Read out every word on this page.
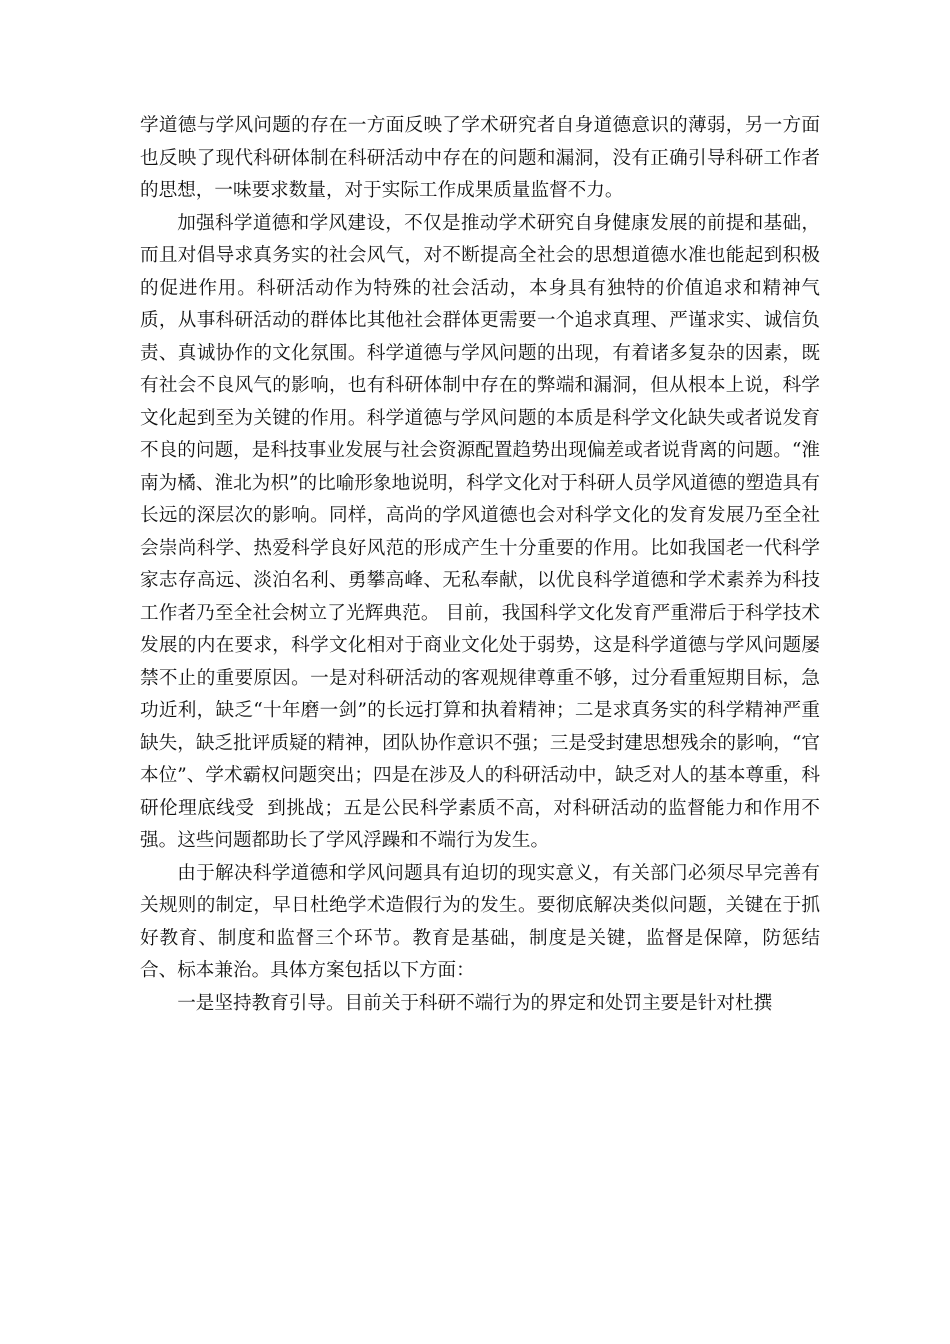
学道德与学风问题的存在一方面反映了学术研究者自身道德意识的薄弱，另一方面也反映了现代科研体制在科研活动中存在的问题和漏洞，没有正确引导科研工作者的思想，一味要求数量，对于实际工作成果质量监督不力。

加强科学道德和学风建设，不仅是推动学术研究自身健康发展的前提和基础，而且对倡导求真务实的社会风气，对不断提高全社会的思想道德水准也能起到积极的促进作用。科研活动作为特殊的社会活动，本身具有独特的价值追求和精神气质，从事科研活动的群体比其他社会群体更需要一个追求真理、严谨求实、诚信负责、真诚协作的文化氛围。科学道德与学风问题的出现，有着诸多复杂的因素，既有社会不良风气的影响，也有科研体制中存在的弊端和漏洞，但从根本上说，科学文化起到至为关键的作用。科学道德与学风问题的本质是科学文化缺失或者说发育不良的问题，是科技事业发展与社会资源配置趋势出现偏差或者说背离的问题。“淮南为橘、淮北为枳”的比喻形象地说明，科学文化对于科研人员学风道德的塑造具有长远的深层次的影响。同样，高尚的学风道德也会对科学文化的发育发展乃至全社会崇尚科学、热爱科学良好风范的形成产生十分重要的作用。比如我国老一代科学家志存高远、淡泊名利、勇攀高峰、无私奉献，以优良科学道德和学术素养为科技工作者乃至全社会树立了光辉典范。 目前，我国科学文化发育严重滞后于科学技术发展的内在要求，科学文化相对于商业文化处于弱势，这是科学道德与学风问题屡禁不止的重要原因。一是对科研活动的客观规律尊重不够，过分看重短期目标，急功近利，缺乏“十年磨一剑”的长远打算和执着精神；二是求真务实的科学精神严重缺失，缺乏批评质疑的精神，团队协作意识不强；三是受封建思想残余的影响，“官本位”、学术霸权问题突出；四是在涉及人的科研活动中，缺乏对人的基本尊重，科研伦理底线受  到挑战；五是公民科学素质不高，对科研活动的监督能力和作用不强。这些问题都助长了学风浮躁和不端行为发生。

由于解决科学道德和学风问题具有迫切的现实意义，有关部门必须尽早完善有关规则的制定，早日杜绝学术造假行为的发生。要彻底解决类似问题，关键在于抓好教育、制度和监督三个环节。教育是基础，制度是关键，监督是保障，防惩结合、标本兼治。具体方案包括以下方面：

一是坚持教育引导。目前关于科研不端行为的界定和处罚主要是针对杜撰
